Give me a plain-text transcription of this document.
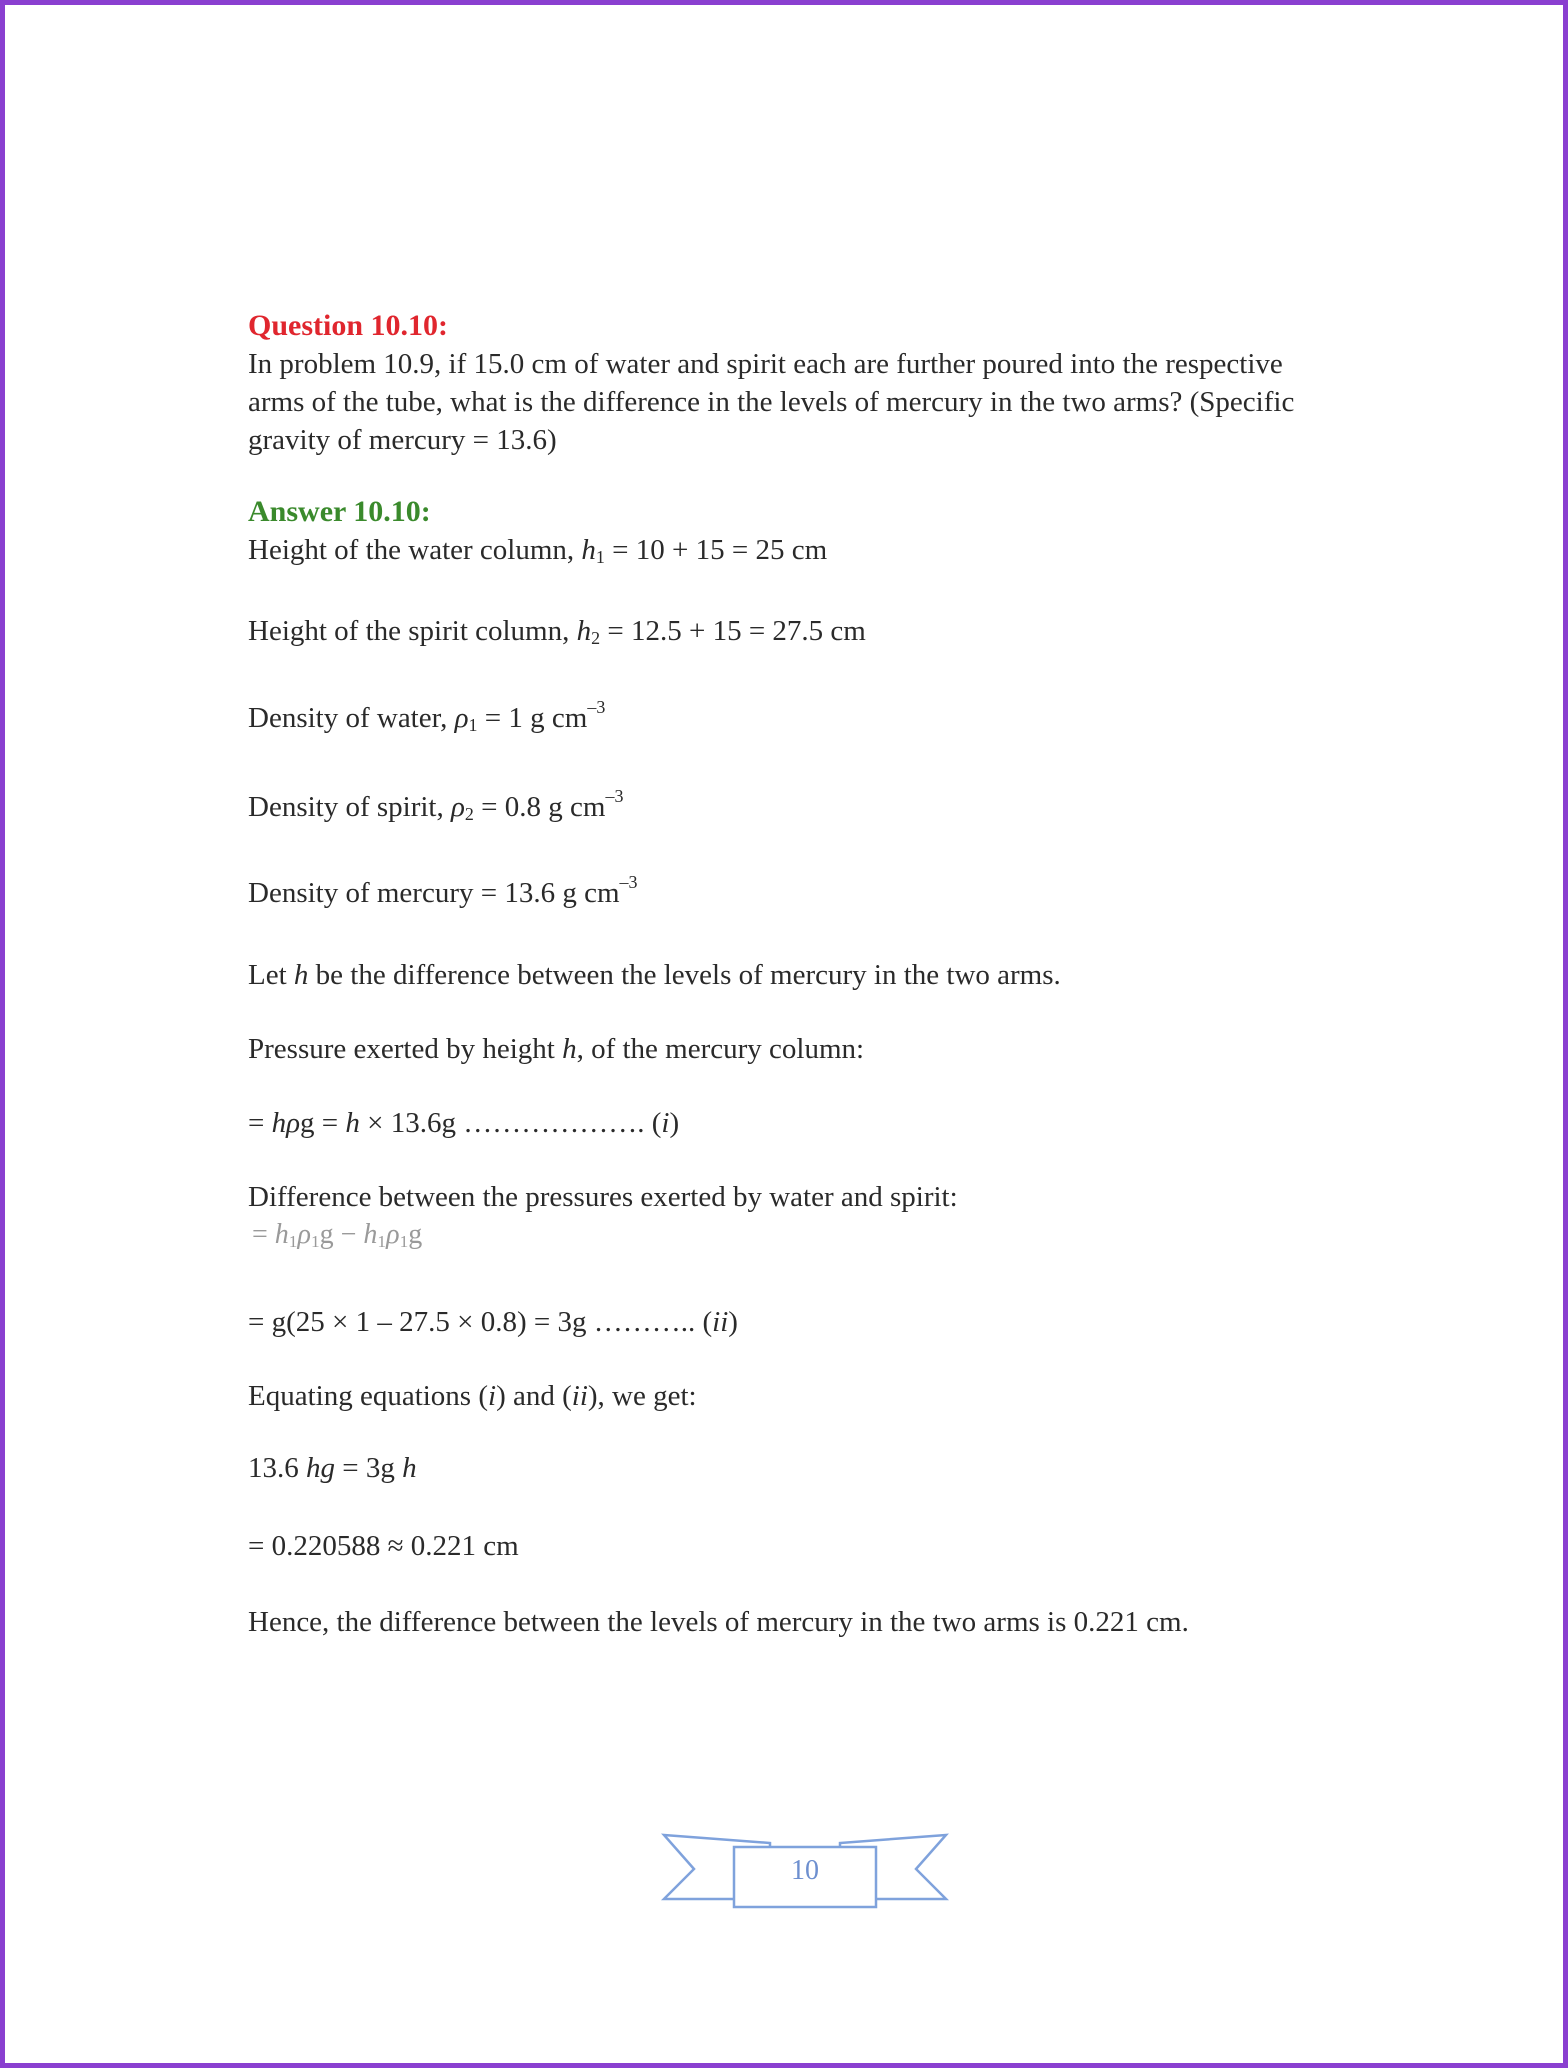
Question 10.10:

In problem 10.9, if 15.0 cm of water and spirit each are further poured into the respective

arms of the tube, what is the difference in the levels of mercury in the two arms? (Specific

gravity of mercury = 13.6)

Answer 10.10:

Height of the water column, $h_1 = 10 + 15 = 25$ cm

Height of the spirit column, $h_2 = 12.5 + 15 = 27.5$ cm

Density of water, $\rho_1 = 1$ g $cm^{-3}$

Density of spirit, $\rho_2 = 0.8$ g $cm^{-3}$

Density of mercury = 13.6 g $cm^{-3}$

Let h be the difference between the levels of mercury in the two arms.

Pressure exerted by height h, of the mercury column:

= hρg = h × 13.6g ………………. (i)

Difference between the pressures exerted by water and spirit:

= $h_1\rho_1g - h_1\rho_1g$

= g(25 × 1 – 27.5 × 0.8) = 3g ……….. (ii)

Equating equations (i) and (ii), we get:

13.6 hg = 3g h

= 0.220588 ≈ 0.221 cm

Hence, the difference between the levels of mercury in the two arms is 0.221 cm.

10
